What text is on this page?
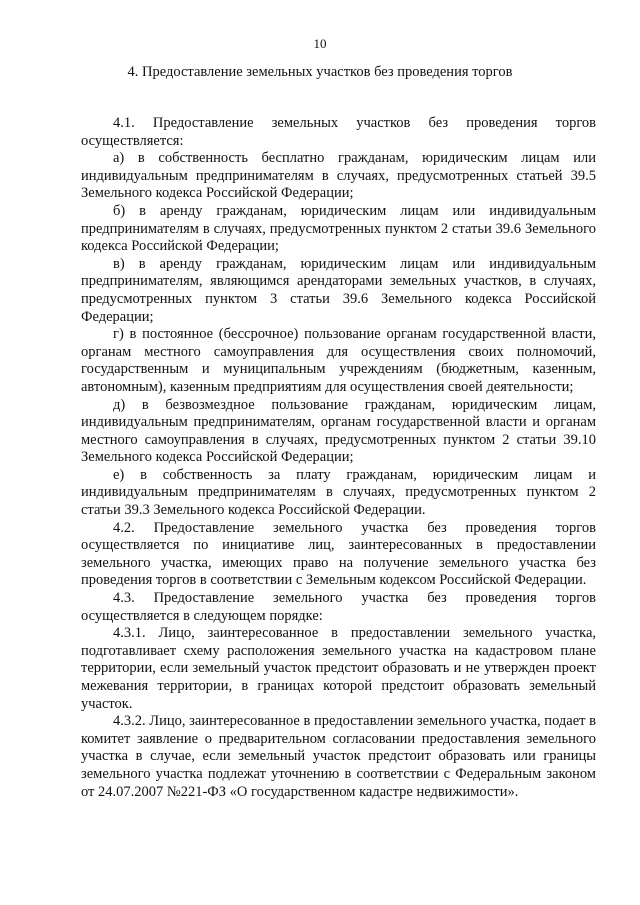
10
4. Предоставление земельных участков без проведения торгов

4.1. Предоставление земельных участков без проведения торгов осуществляется:

а) в собственность бесплатно гражданам, юридическим лицам или индивидуальным предпринимателям в случаях, предусмотренных статьей 39.5 Земельного кодекса Российской Федерации;

б) в аренду гражданам, юридическим лицам или индивидуальным предпринимателям в случаях, предусмотренных пунктом 2 статьи 39.6 Земельного кодекса Российской Федерации;

в) в аренду гражданам, юридическим лицам или индивидуальным предпринимателям, являющимся арендаторами земельных участков, в случаях, предусмотренных пунктом 3 статьи 39.6 Земельного кодекса Российской Федерации;

г) в постоянное (бессрочное) пользование органам государственной власти, органам местного самоуправления для осуществления своих полномочий, государственным и муниципальным учреждениям (бюджетным, казенным, автономным), казенным предприятиям для осуществления своей деятельности;

д) в безвозмездное пользование гражданам, юридическим лицам, индивидуальным предпринимателям, органам государственной власти и органам местного самоуправления в случаях, предусмотренных пунктом 2 статьи 39.10 Земельного кодекса Российской Федерации;

е) в собственность за плату гражданам, юридическим лицам и индивидуальным предпринимателям в случаях, предусмотренных пунктом 2 статьи 39.3 Земельного кодекса Российской Федерации.

4.2. Предоставление земельного участка без проведения торгов осуществляется по инициативе лиц, заинтересованных в предоставлении земельного участка, имеющих право на получение земельного участка без проведения торгов в соответствии с Земельным кодексом Российской Федерации.

4.3. Предоставление земельного участка без проведения торгов осуществляется в следующем порядке:

4.3.1. Лицо, заинтересованное в предоставлении земельного участка, подготавливает схему расположения земельного участка на кадастровом плане территории, если земельный участок предстоит образовать и не утвержден проект межевания территории, в границах которой предстоит образовать земельный участок.

4.3.2. Лицо, заинтересованное в предоставлении земельного участка, подает в комитет заявление о предварительном согласовании предоставления земельного участка в случае, если земельный участок предстоит образовать или границы земельного участка подлежат уточнению в соответствии с Федеральным законом от 24.07.2007 №221-ФЗ «О государственном кадастре недвижимости».
